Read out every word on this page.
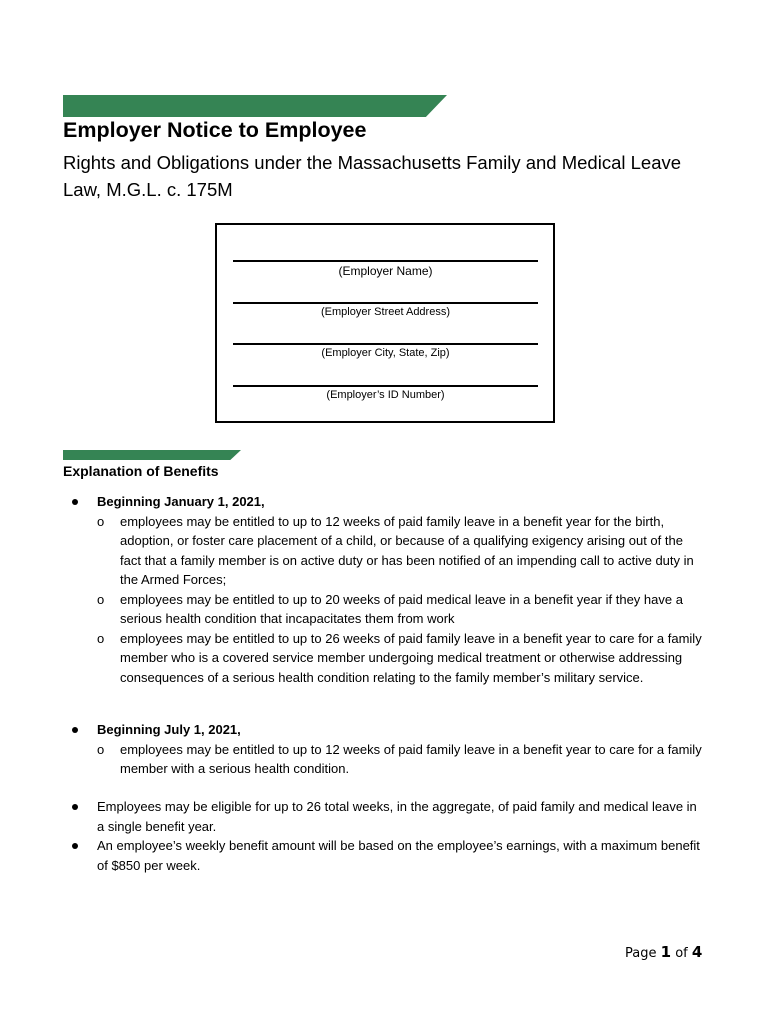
Employer Notice to Employee
Rights and Obligations under the Massachusetts Family and Medical Leave Law, M.G.L. c. 175M
(Employer Name)
(Employer Street Address)
(Employer City, State, Zip)
(Employer’s ID Number)
Explanation of Benefits
Beginning January 1, 2021,
o employees may be entitled to up to 12 weeks of paid family leave in a benefit year for the birth, adoption, or foster care placement of a child, or because of a qualifying exigency arising out of the fact that a family member is on active duty or has been notified of an impending call to active duty in the Armed Forces;
o employees may be entitled to up to 20 weeks of paid medical leave in a benefit year if they have a serious health condition that incapacitates them from work
o employees may be entitled to up to 26 weeks of paid family leave in a benefit year to care for a family member who is a covered service member undergoing medical treatment or otherwise addressing consequences of a serious health condition relating to the family member’s military service.
Beginning July 1, 2021,
o employees may be entitled to up to 12 weeks of paid family leave in a benefit year to care for a family member with a serious health condition.
Employees may be eligible for up to 26 total weeks, in the aggregate, of paid family and medical leave in a single benefit year.
An employee’s weekly benefit amount will be based on the employee’s earnings, with a maximum benefit of $850 per week.
Page 1 of 4
